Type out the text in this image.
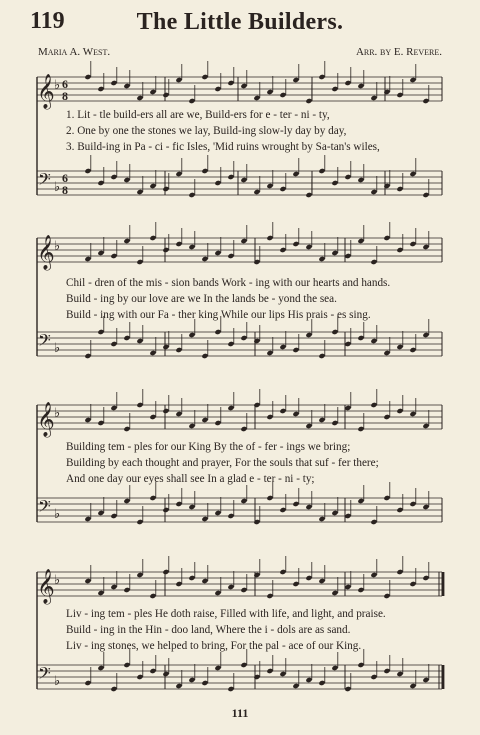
119	The Little Builders.
Maria A. West.	Arr. by E. Revere.
𝄞
𝄢
♭
♭
6
8
6
8
𝄞
𝄢
♭
♭
𝄞
𝄢
♭
♭
𝄞
𝄢
♭
♭
1. Lit - tle build-ers all are we, Build-ers for e - ter - ni - ty,
2. One by one the stones we lay, Build-ing slow-ly day by day,
3. Build-ing in Pa - ci - fic Isles, 'Mid ruins wrought by Sa-tan's wiles,
Chil - dren of the mis - sion bands Work - ing with our hearts and hands.
Build - ing by our love are we In the lands be - yond the sea.
Build - ing with our Fa - ther king While our lips His prais - es sing.
Building tem - ples for our King By the of - fer - ings we bring;
Building by each thought and prayer, For the souls that suf - fer there;
And one day our eyes shall see In a glad e - ter - ni - ty;
Liv - ing tem - ples He doth raise, Filled with life, and light, and praise.
Build - ing in the Hin - doo land, Where the i - dols are as sand.
Liv - ing stones, we helped to bring, For the pal - ace of our King.
111
